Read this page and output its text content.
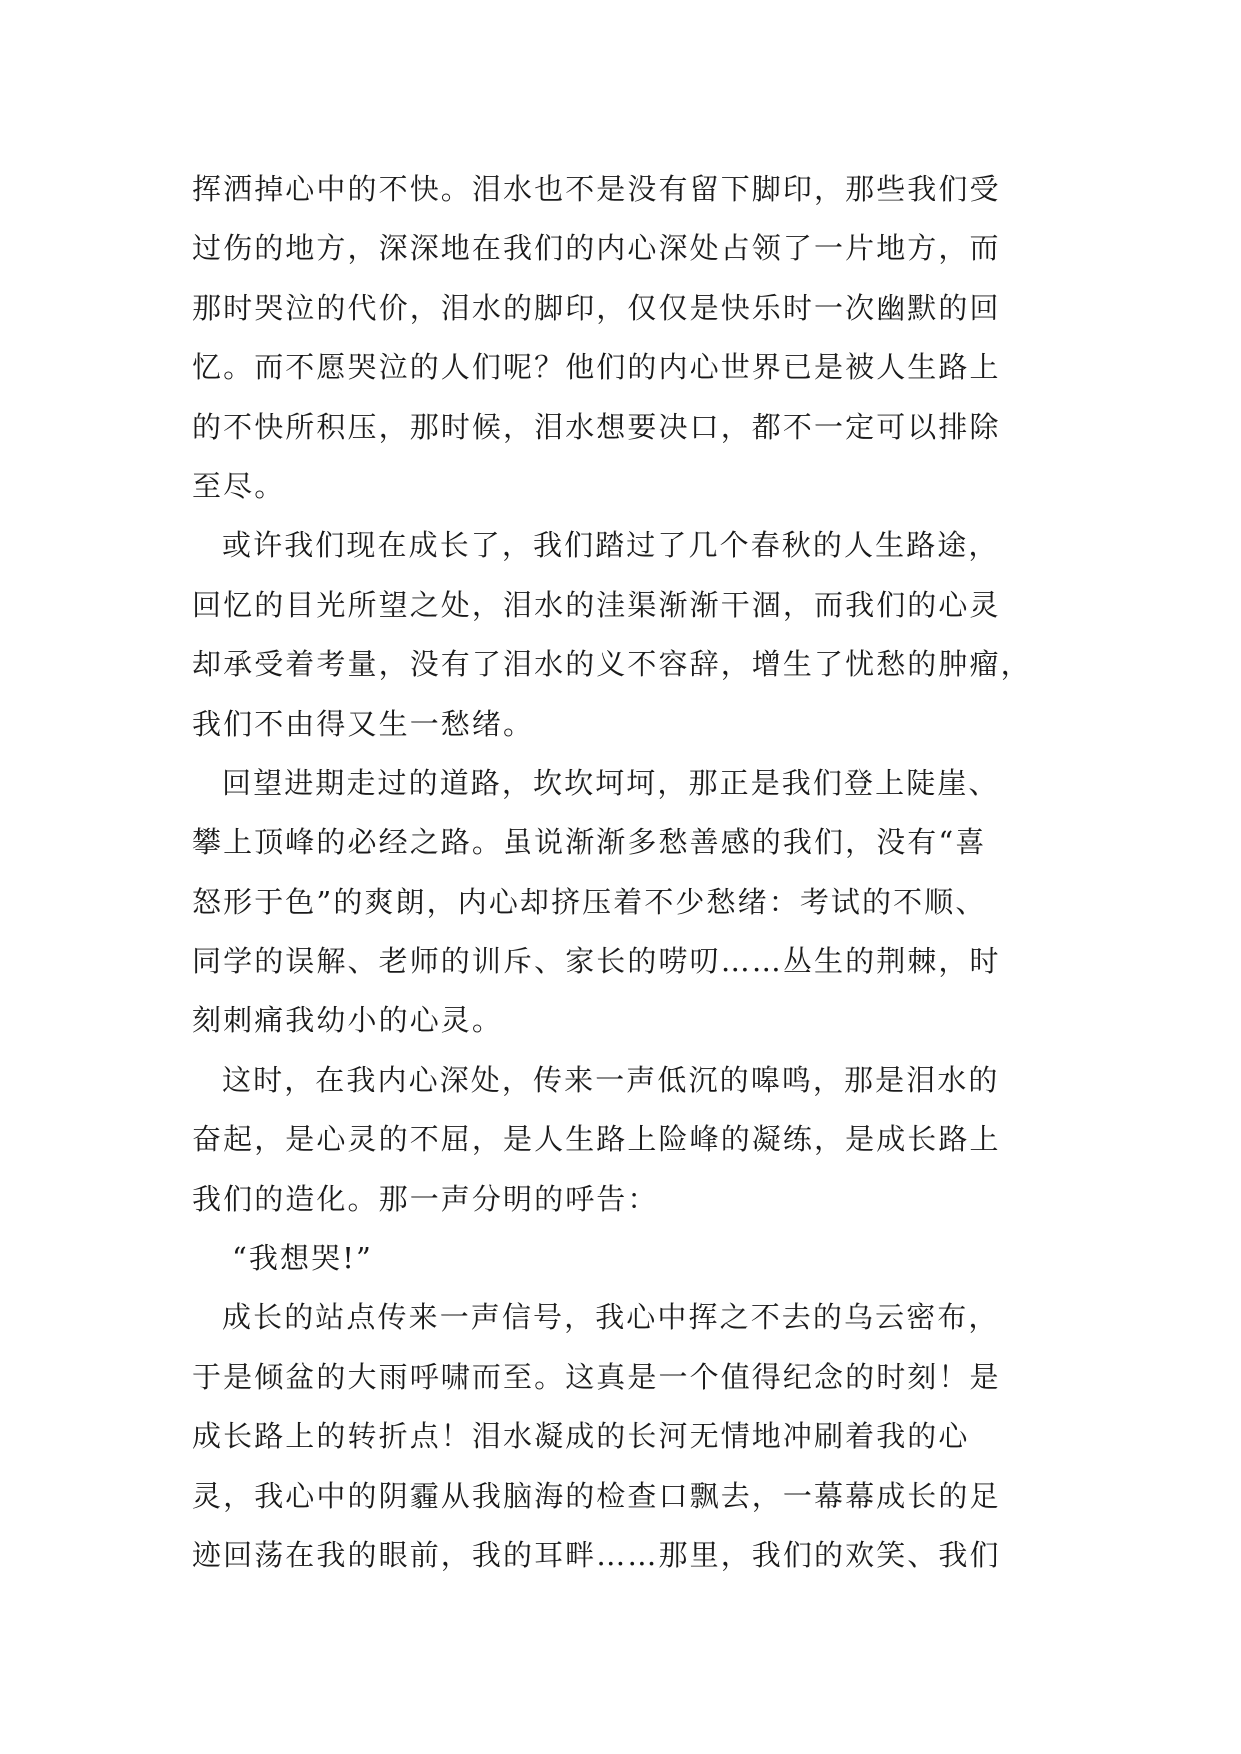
挥洒掉心中的不快。泪水也不是没有留下脚印，那些我们受
过伤的地方，深深地在我们的内心深处占领了一片地方，而
那时哭泣的代价，泪水的脚印，仅仅是快乐时一次幽默的回
忆。而不愿哭泣的人们呢？他们的内心世界已是被人生路上
的不快所积压，那时候，泪水想要决口，都不一定可以排除
至尽。
或许我们现在成长了，我们踏过了几个春秋的人生路途，
回忆的目光所望之处，泪水的洼渠渐渐干涸，而我们的心灵
却承受着考量，没有了泪水的义不容辞，增生了忧愁的肿瘤，
我们不由得又生一愁绪。
回望进期走过的道路，坎坎坷坷，那正是我们登上陡崖、
攀上顶峰的必经之路。虽说渐渐多愁善感的我们，没有“喜
怒形于色”的爽朗，内心却挤压着不少愁绪：考试的不顺、
同学的误解、老师的训斥、家长的唠叨……丛生的荆棘，时
刻刺痛我幼小的心灵。
这时，在我内心深处，传来一声低沉的嗥鸣，那是泪水的
奋起，是心灵的不屈，是人生路上险峰的凝练，是成长路上
我们的造化。那一声分明的呼告：
“我想哭!”
成长的站点传来一声信号，我心中挥之不去的乌云密布，
于是倾盆的大雨呼啸而至。这真是一个值得纪念的时刻！是
成长路上的转折点！泪水凝成的长河无情地冲刷着我的心
灵，我心中的阴霾从我脑海的检查口飘去，一幕幕成长的足
迹回荡在我的眼前，我的耳畔……那里，我们的欢笑、我们
